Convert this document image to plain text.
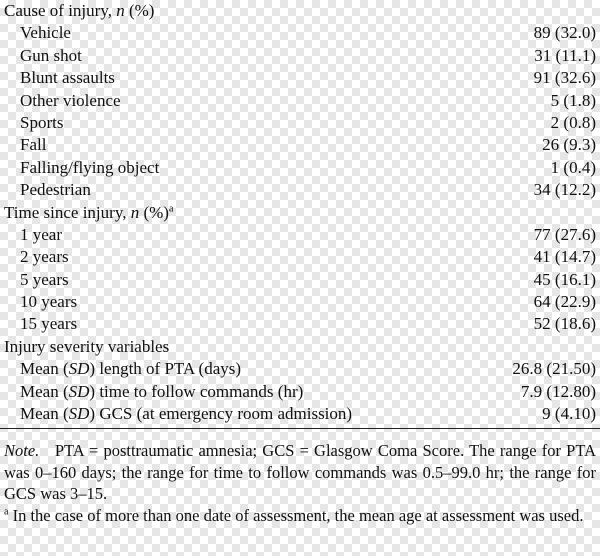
Cause of injury, n (%)
Vehicle	89 (32.0)
Gun shot	31 (11.1)
Blunt assaults	91 (32.6)
Other violence	5 (1.8)
Sports	2 (0.8)
Fall	26 (9.3)
Falling/flying object	1 (0.4)
Pedestrian	34 (12.2)
Time since injury, n (%)$^a$
1 year	77 (27.6)
2 years	41 (14.7)
5 years	45 (16.1)
10 years	64 (22.9)
15 years	52 (18.6)
Injury severity variables
Mean (SD) length of PTA (days)	26.8 (21.50)
Mean (SD) time to follow commands (hr)	7.9 (12.80)
Mean (SD) GCS (at emergency room admission)	9 (4.10)

Note. PTA = posttraumatic amnesia; GCS = Glasgow Coma Score. The range for PTA was 0–160 days; the range for time to follow commands was 0.5–99.0 hr; the range for GCS was 3–15.

$^a$ In the case of more than one date of assessment, the mean age at assessment was used.
